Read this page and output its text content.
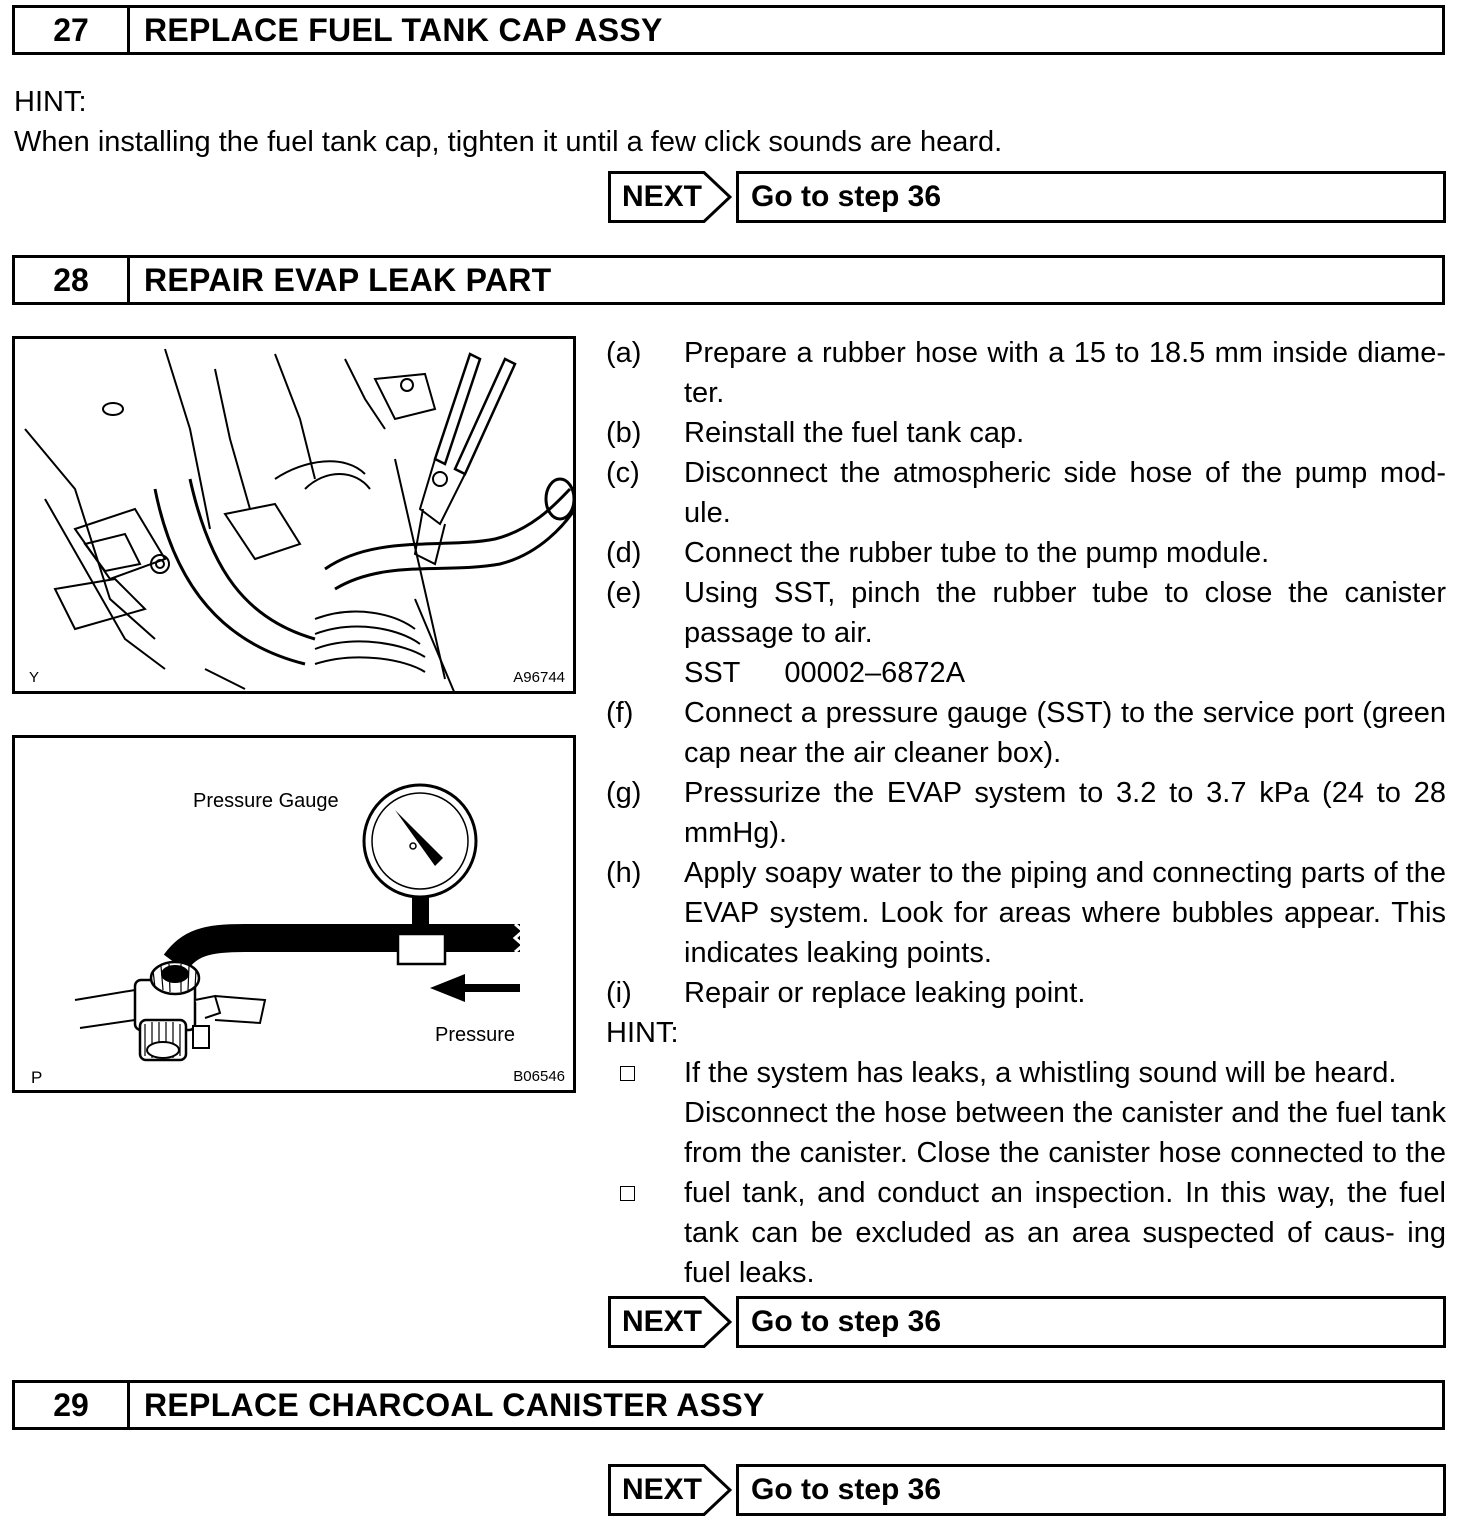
27	REPLACE FUEL TANK CAP ASSY
HINT:
When installing the fuel tank cap, tighten it until a few click sounds are heard.
NEXT	Go to step 36
28	REPAIR EVAP LEAK PART
Y	A96744
Pressure Gauge
Pressure
P	B06546
(a)	Prepare a rubber hose with a 15 to 18.5 mm inside diame- ter.
(b)	Reinstall the fuel tank cap.
(c)	Disconnect the atmospheric side hose of the pump mod- ule.
(d)	Connect the rubber tube to the pump module.
(e)	Using SST, pinch the rubber tube to close the canister passage to air.
SST 00002–6872A
(f)	Connect a pressure gauge (SST) to the service port (green cap near the air cleaner box).
(g)	Pressurize the EVAP system to 3.2 to 3.7 kPa (24 to 28 mmHg).
(h)	Apply soapy water to the piping and connecting parts of the EVAP system. Look for areas where bubbles appear. This indicates leaking points.
(i)	Repair or replace leaking point.
HINT:
If the system has leaks, a whistling sound will be heard.
Disconnect the hose between the canister and the fuel tank from the canister. Close the canister hose connected to the fuel tank, and conduct an inspection. In this way, the fuel tank can be excluded as an area suspected of caus- ing fuel leaks.
NEXT	Go to step 36
29	REPLACE CHARCOAL CANISTER ASSY
NEXT	Go to step 36
